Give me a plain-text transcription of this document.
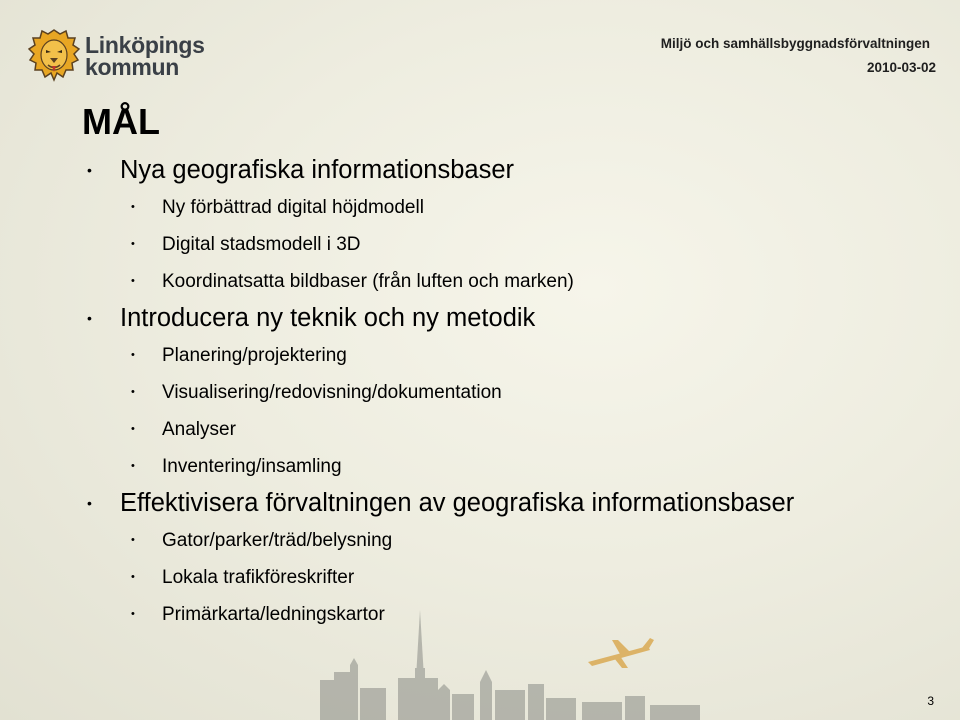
Linköpings
kommun
Miljö och samhällsbyggnadsförvaltningen
2010-03-02
MÅL
• Nya geografiska informationsbaser
• Ny förbättrad digital höjdmodell
• Digital stadsmodell i 3D
• Koordinatsatta bildbaser (från luften och marken)
• Introducera ny teknik och ny metodik
• Planering/projektering
• Visualisering/redovisning/dokumentation
• Analyser
• Inventering/insamling
• Effektivisera förvaltningen av geografiska informationsbaser
• Gator/parker/träd/belysning
• Lokala trafikföreskrifter
• Primärkarta/ledningskartor
3
